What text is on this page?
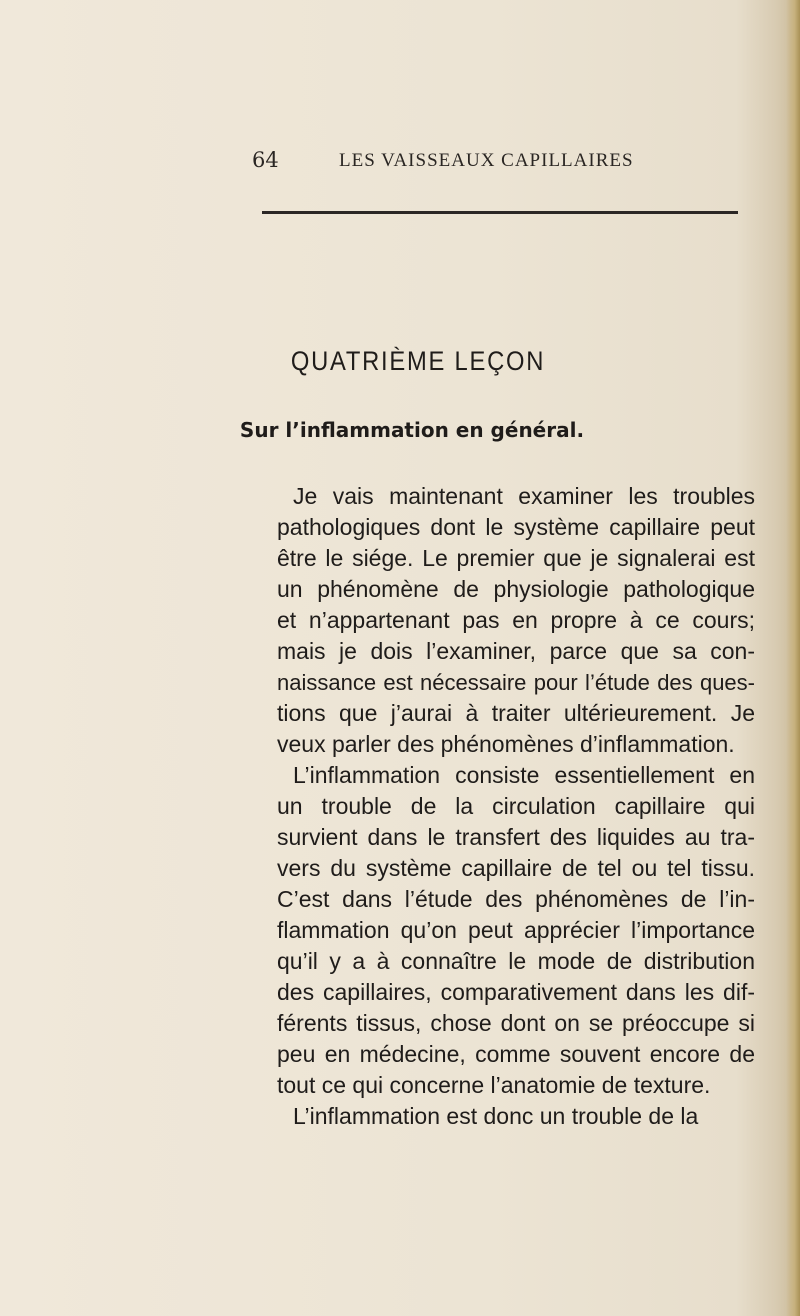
64	LES VAISSEAUX CAPILLAIRES
QUATRIÈME LEÇON
Sur l’inflammation en général.
Je vais maintenant examiner les troubles
pathologiques dont le système capillaire peut
être le siége. Le premier que je signalerai est
un phénomène de physiologie pathologique
et n’appartenant pas en propre à ce cours;
mais je dois l’examiner, parce que sa con-
naissance est nécessaire pour l’étude des ques-
tions que j’aurai à traiter ultérieurement. Je
veux parler des phénomènes d’inflammation.
L’inflammation consiste essentiellement en
un trouble de la circulation capillaire qui
survient dans le transfert des liquides au tra-
vers du système capillaire de tel ou tel tissu.
C’est dans l’étude des phénomènes de l’in-
flammation qu’on peut apprécier l’importance
qu’il y a à connaître le mode de distribution
des capillaires, comparativement dans les dif-
férents tissus, chose dont on se préoccupe si
peu en médecine, comme souvent encore de
tout ce qui concerne l’anatomie de texture.
L’inflammation est donc un trouble de la
